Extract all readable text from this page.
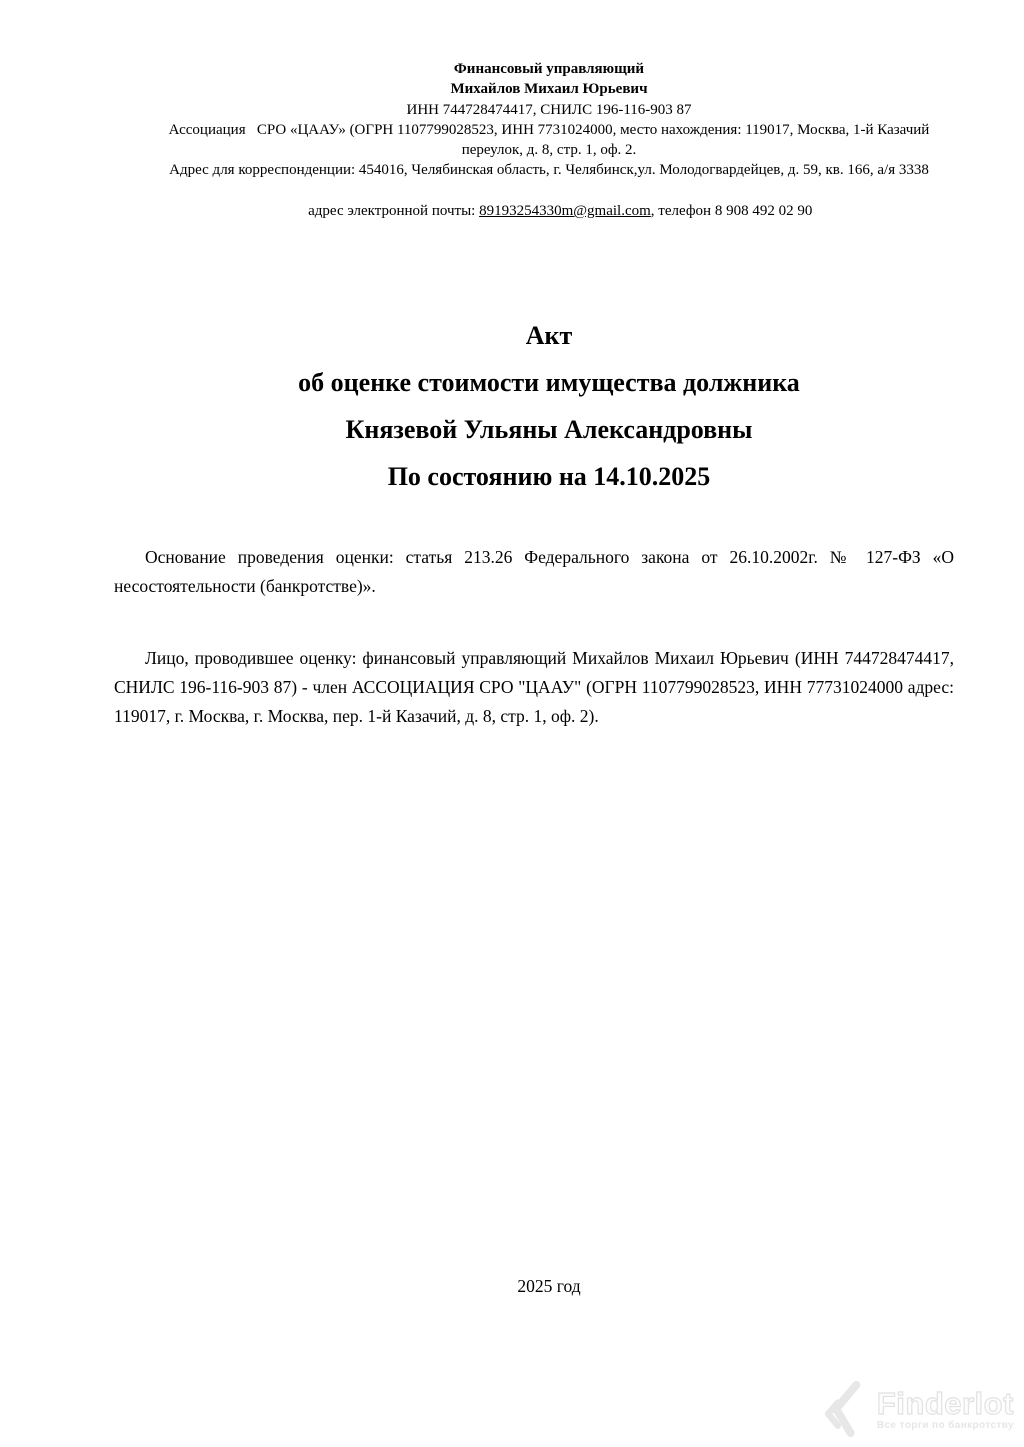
Финансовый управляющий
Михайлов Михаил Юрьевич
ИНН 744728474417, СНИЛС 196-116-903 87
Ассоциация   СРО «ЦААУ» (ОГРН 1107799028523, ИНН 7731024000, место нахождения: 119017, Москва, 1-й Казачий
переулок, д. 8, стр. 1, оф. 2.
Адрес для корреспонденции: 454016, Челябинская область, г. Челябинск,ул. Молодогвардейцев, д. 59, кв. 166, а/я 3338

адрес электронной почты: 89193254330m@gmail.com, телефон 8 908 492 02 90

Акт
об оценке стоимости имущества должника
Князевой Ульяны Александровны
По состоянию на 14.10.2025

Основание проведения оценки: статья 213.26 Федерального закона от 26.10.2002г. № 127-ФЗ «О несостоятельности (банкротстве)».

Лицо, проводившее оценку: финансовый управляющий Михайлов Михаил Юрьевич (ИНН 744728474417, СНИЛС 196-116-903 87) - член АССОЦИАЦИЯ СРО "ЦААУ" (ОГРН 1107799028523, ИНН 77731024000 адрес: 119017, г. Москва, г. Москва, пер. 1-й Казачий, д. 8, стр. 1, оф. 2).

2025 год
Finderlot
Все торги по банкротству
